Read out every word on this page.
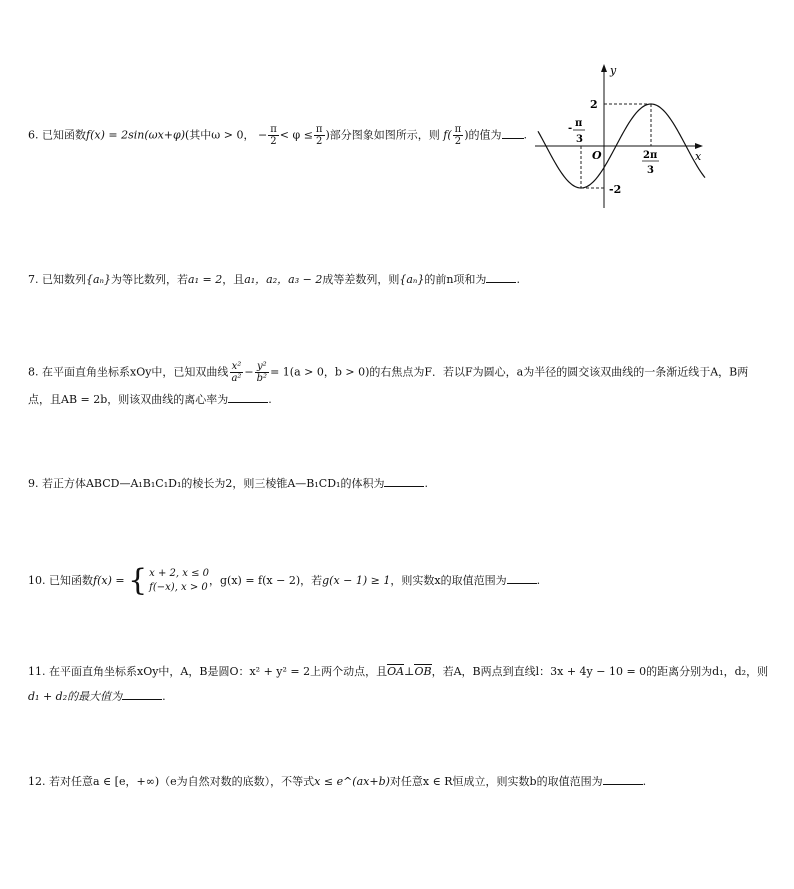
6. 已知函数f(x) = 2sin(ωx+φ)(其中ω > 0， − $\frac{\pi}{2} < \varphi \le \frac{\pi}{2}$ )部分图象如图所示，则 $f( \frac{\pi}{2}$ )的值为 .
y
x
O
2
-2
- π
3
2π
3
7. 已知数列{aₙ}为等比数列，若a₁ = 2，且a₁，a₂，a₃ − 2成等差数列，则{aₙ}的前n项和为	.
8. 在平面直角坐标系xOy中，已知双曲线 $\frac{\text{x²}}{\text{a²}} - \frac{\text{y²}}{\text{b²}} = 1(a > 0$，b > 0)的右焦点为F．若以F为圆心，a为半径的圆交该双曲线的一条渐近线于A，B两
点，且AB = 2b，则该双曲线的离心率为	.
9. 若正方体ABCD—A₁B₁C₁D₁的棱长为2，则三棱锥A—B₁CD₁的体积为	.
10. 已知函数f(x) = { x + 2, x ≤ 0
f(−x), x > 0
，g(x) = f(x − 2)，若g(x − 1) ≥ 1，则实数x的取值范围为	.
11. 在平面直角坐标系xOy中，A，B是圆O：x² + y² = 2上两个动点，且OA⊥OB，若A，B两点到直线l：3x + 4y − 10 = 0的距离分别为d₁，d₂，则
d₁ + d₂的最大值为	.
12. 若对任意a ∈ [e，+∞)（e为自然对数的底数），不等式x ≤ e^(ax+b)对任意x ∈ R恒成立，则实数b的取值范围为	.
